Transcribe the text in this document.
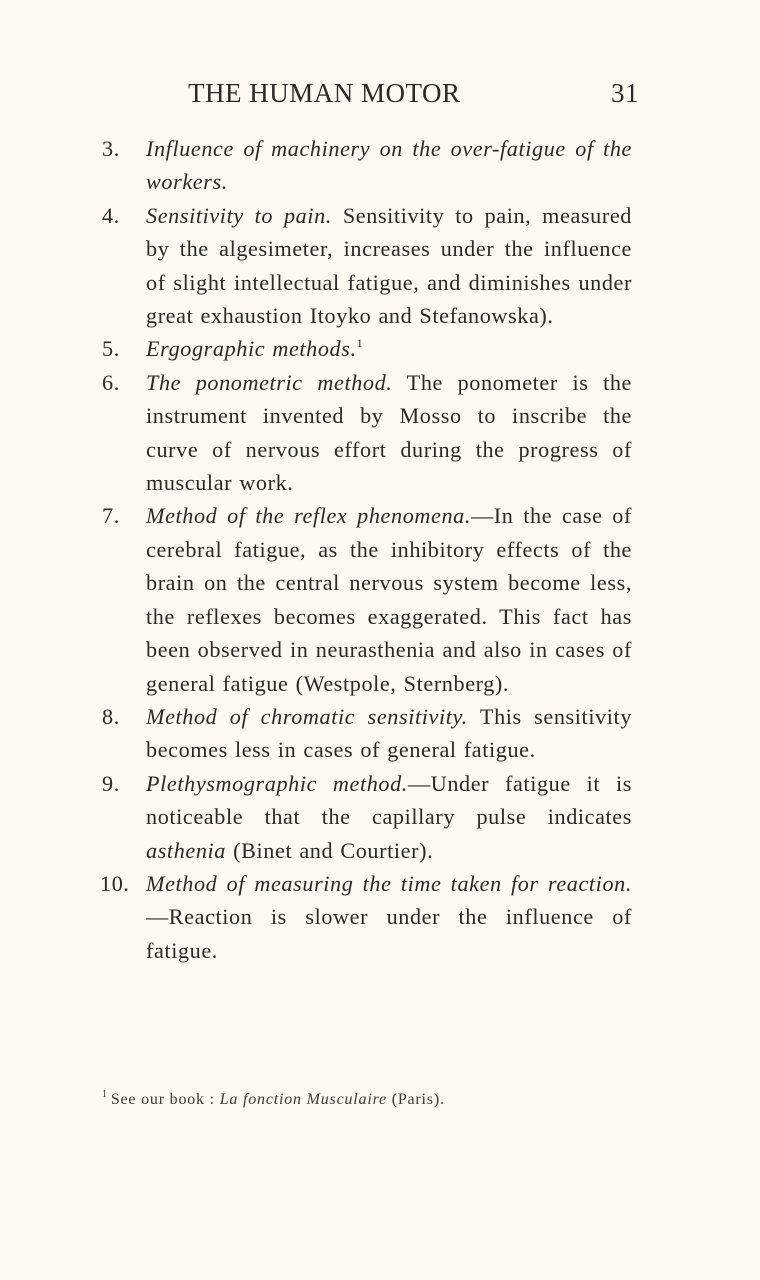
THE HUMAN MOTOR	31

3. Influence of machinery on the over-fatigue of the workers.

4. Sensitivity to pain. Sensitivity to pain, measured by the algesimeter, increases under the influence of slight intellectual fatigue, and diminishes under great exhaustion Itoyko and Stefanowska).

5. Ergographic methods.$^1$

6. The ponometric method. The ponometer is the instrument invented by Mosso to inscribe the curve of nervous effort during the progress of muscular work.

7. Method of the reflex phenomena.—In the case of cerebral fatigue, as the inhibitory effects of the brain on the central nervous system become less, the reflexes becomes exaggerated. This fact has been observed in neurasthenia and also in cases of general fatigue (Westpole, Sternberg).

8. Method of chromatic sensitivity. This sensitivity becomes less in cases of general fatigue.

9. Plethysmographic method.—Under fatigue it is noticeable that the capillary pulse indicates asthenia (Binet and Courtier).

10. Method of measuring the time taken for reaction.—Reaction is slower under the influence of fatigue.

$^1$ See our book : La fonction Musculaire (Paris).
